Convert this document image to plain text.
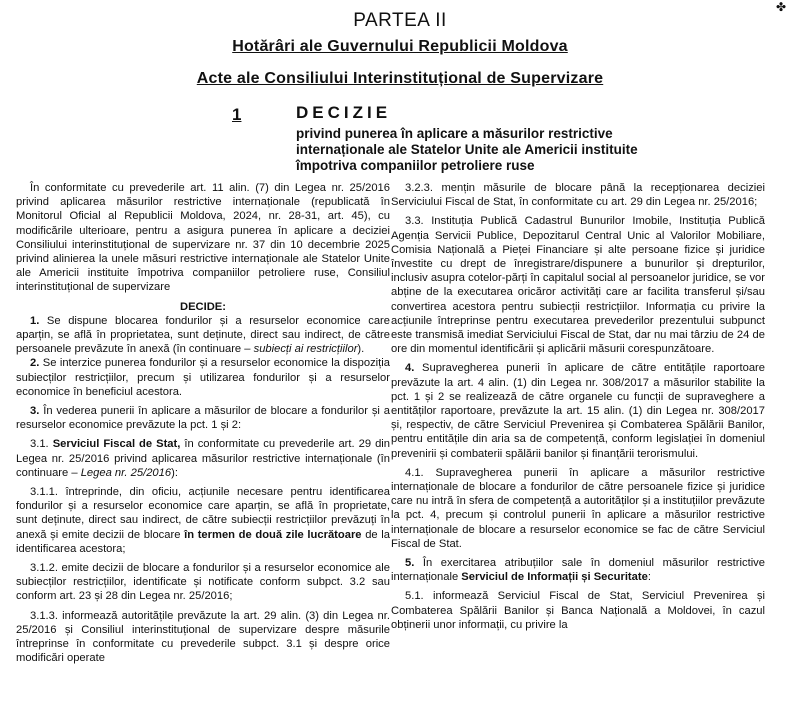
PARTEA II
✤
Hotărâri ale Guvernului Republicii Moldova
Acte ale Consiliului Interinstituțional de Supervizare
1	DECIZIE
privind punerea în aplicare a măsurilor restrictive
internaționale ale Statelor Unite ale Americii instituite
împotriva companiilor petroliere ruse

În conformitate cu prevederile art. 11 alin. (7) din Legea nr. 25/2016 privind aplicarea măsurilor restrictive internaționale (republicată în Monitorul Oficial al Republicii Moldova, 2024, nr. 28-31, art. 45), cu modificările ulterioare, pentru a asigura punerea în aplicare a deciziei Consiliului interinstituțional de supervizare nr. 37 din 10 decembrie 2025 privind alinierea la unele măsuri restrictive internaționale ale Statelor Unite ale Americii instituite împotriva companiilor petroliere ruse, Consiliul interinstituțional de supervizare

DECIDE:

1. Se dispune blocarea fondurilor și a resurselor economice care aparțin, se află în proprietatea, sunt deținute, direct sau indirect, de către persoanele prevăzute în anexă (în continuare – subiecți ai restricțiilor).

2. Se interzice punerea fondurilor și a resurselor economice la dispoziția subiecților restricțiilor, precum și utilizarea fondurilor și a resurselor economice în beneficiul acestora.

3. În vederea punerii în aplicare a măsurilor de blocare a fondurilor și a resurselor economice prevăzute la pct. 1 și 2:

3.1. Serviciul Fiscal de Stat, în conformitate cu prevederile art. 29 din Legea nr. 25/2016 privind aplicarea măsurilor restrictive internaționale (în continuare – Legea nr. 25/2016):

3.1.1. întreprinde, din oficiu, acțiunile necesare pentru identificarea fondurilor și a resurselor economice care aparțin, se află în proprietate, sunt deținute, direct sau indirect, de către subiecții restricțiilor prevăzuți în anexă și emite decizii de blocare în termen de două zile lucrătoare de la identificarea acestora;

3.1.2. emite decizii de blocare a fondurilor și a resurselor economice ale subiecților restricțiilor, identificate și notificate conform subpct. 3.2 sau conform art. 23 și 28 din Legea nr. 25/2016;

3.1.3. informează autoritățile prevăzute la art. 29 alin. (3) din Legea nr. 25/2016 și Consiliul interinstituțional de supervizare despre măsurile întreprinse în conformitate cu prevederile subpct. 3.1 și despre orice modificări operate

3.2.3. mențin măsurile de blocare până la recepționarea deciziei Serviciului Fiscal de Stat, în conformitate cu art. 29 din Legea nr. 25/2016;

3.3. Instituția Publică Cadastrul Bunurilor Imobile, Instituția Publică Agenția Servicii Publice, Depozitarul Central Unic al Valorilor Mobiliare, Comisia Națională a Pieței Financiare și alte persoane fizice și juridice învestite cu drept de înregistrare/dispunere a bunurilor și drepturilor, inclusiv asupra cotelor-părți în capitalul social al persoanelor juridice, se vor abține de la executarea oricăror activități care ar facilita transferul și/sau convertirea acestora pentru subiecții restricțiilor. Informația cu privire la acțiunile întreprinse pentru executarea prevederilor prezentului subpunct este transmisă imediat Serviciului Fiscal de Stat, dar nu mai târziu de 24 de ore din momentul identificării și aplicării măsurii corespunzătoare.

4. Supravegherea punerii în aplicare de către entitățile raportoare prevăzute la art. 4 alin. (1) din Legea nr. 308/2017 a măsurilor stabilite la pct. 1 și 2 se realizează de către organele cu funcții de supraveghere a entităților raportoare, prevăzute la art. 15 alin. (1) din Legea nr. 308/2017 și, respectiv, de către Serviciul Prevenirea și Combaterea Spălării Banilor, pentru entitățile din aria sa de competență, conform legislației în domeniul prevenirii și combaterii spălării banilor și finanțării terorismului.

4.1. Supravegherea punerii în aplicare a măsurilor restrictive internaționale de blocare a fondurilor de către persoanele fizice și juridice care nu intră în sfera de competență a autorităților și a instituțiilor prevăzute la pct. 4, precum și controlul punerii în aplicare a măsurilor restrictive internaționale de blocare a resurselor economice se fac de către Serviciul Fiscal de Stat.

5. În exercitarea atribuțiilor sale în domeniul măsurilor restrictive internaționale Serviciul de Informații și Securitate:

5.1. informează Serviciul Fiscal de Stat, Serviciul Prevenirea și Combaterea Spălării Banilor și Banca Națională a Moldovei, în cazul obținerii unor informații, cu privire la
